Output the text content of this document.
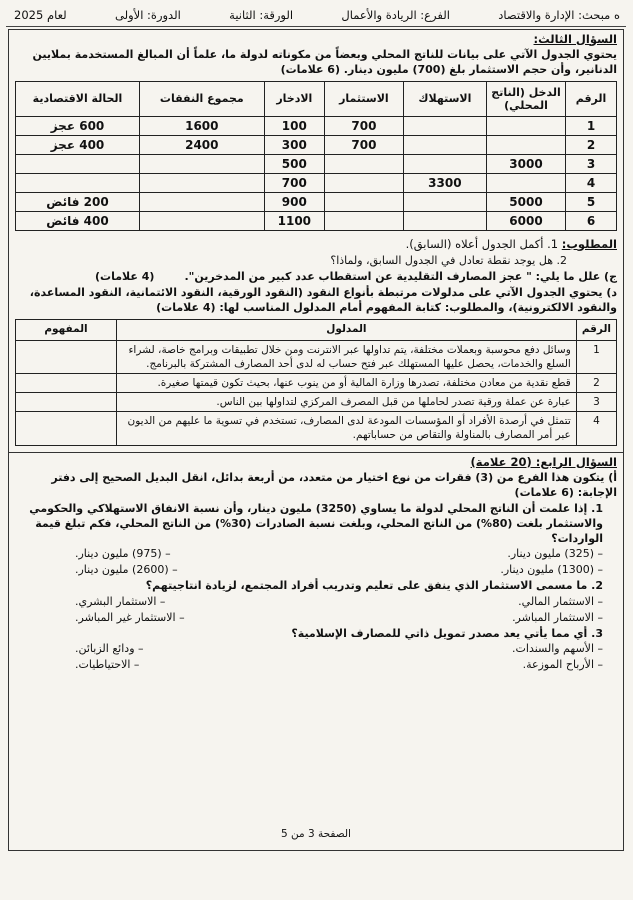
ه مبحث: الإدارة والاقتصاد
الفرع: الريادة والأعمال
الورقة: الثانية
الدورة: الأولى
لعام 2025
السؤال الثالث:
يحتوي الجدول الآتي على بيانات للناتج المحلي وبعضاً من مكوناته لدولة ما، علماً أن المبالغ المستخدمة بملايين الدنانير، وأن حجم الاستثمار بلغ (700) مليون دينار. (6 علامات)
الرقم	الدخل (الناتج المحلي)	الاستهلاك	الاستثمار	الادخار	مجموع النفقات	الحالة الاقتصادية
1			700	100	1600	600 عجز
2			700	300	2400	400 عجز
3	3000			500		
4		3300		700		
5	5000			900		200 فائض
6	6000			1100		400 فائض
المطلوب: 1. أكمل الجدول أعلاه (السابق).
2. هل يوجد نقطة تعادل في الجدول السابق، ولماذا؟
ج) علل ما يلي: " عجز المصارف التقليدية عن استقطاب عدد كبير من المدخرين".
(4 علامات)
د) يحتوي الجدول الآتي على مدلولات مرتبطة بأنواع النقود (النقود الورقية، النقود الائتمانية، النقود المساعدة، والنقود الالكترونية)، والمطلوب: كتابة المفهوم أمام المدلول المناسب لها: (4 علامات)
الرقم	المدلول	المفهوم
1	وسائل دفع محوسبة وبعملات مختلفة، يتم تداولها عبر الانترنت ومن خلال تطبيقات وبرامج خاصة، لشراء السلع والخدمات، يحصل عليها المستهلك عبر فتح حساب له لدى أحد المصارف المشتركة بالبرنامج.	
2	قطع نقدية من معادن مختلفة، تصدرها وزارة المالية أو من ينوب عنها، بحيث تكون قيمتها صغيرة.	
3	عبارة عن عملة ورقية تصدر لحاملها من قبل المصرف المركزي لتداولها بين الناس.	
4	تتمثل في أرصدة الأفراد أو المؤسسات المودعة لدى المصارف، تستخدم في تسوية ما عليهم من الديون عبر أمر المصارف بالمناولة والتقاص من حساباتهم.	
السؤال الرابع: (20 علامة)
أ) يتكون هذا الفرع من (3) فقرات من نوع اختيار من متعدد، من أربعة بدائل، انقل البديل الصحيح إلى دفتر الإجابة: (6 علامات)
1. إذا علمت أن الناتج المحلي لدولة ما يساوي (3250) مليون دينار، وأن نسبة الانفاق الاستهلاكي والحكومي والاستثمار بلغت (80%) من الناتج المحلي، وبلغت نسبة الصادرات (30%) من الناتج المحلي، فكم تبلغ قيمة الواردات؟
– (325) مليون دينار.
– (975) مليون دينار.
– (1300) مليون دينار.
– (2600) مليون دينار.
2. ما مسمى الاستثمار الذي ينفق على تعليم وتدريب أفراد المجتمع، لزيادة انتاجيتهم؟
– الاستثمار المالي.
– الاستثمار البشري.
– الاستثمار المباشر.
– الاستثمار غير المباشر.
3. أي مما يأتي يعد مصدر تمويل ذاتي للمصارف الإسلامية؟
– الأسهم والسندات.
– ودائع الزبائن.
– الأرباح الموزعة.
– الاحتياطيات.
الصفحة 3 من 5
